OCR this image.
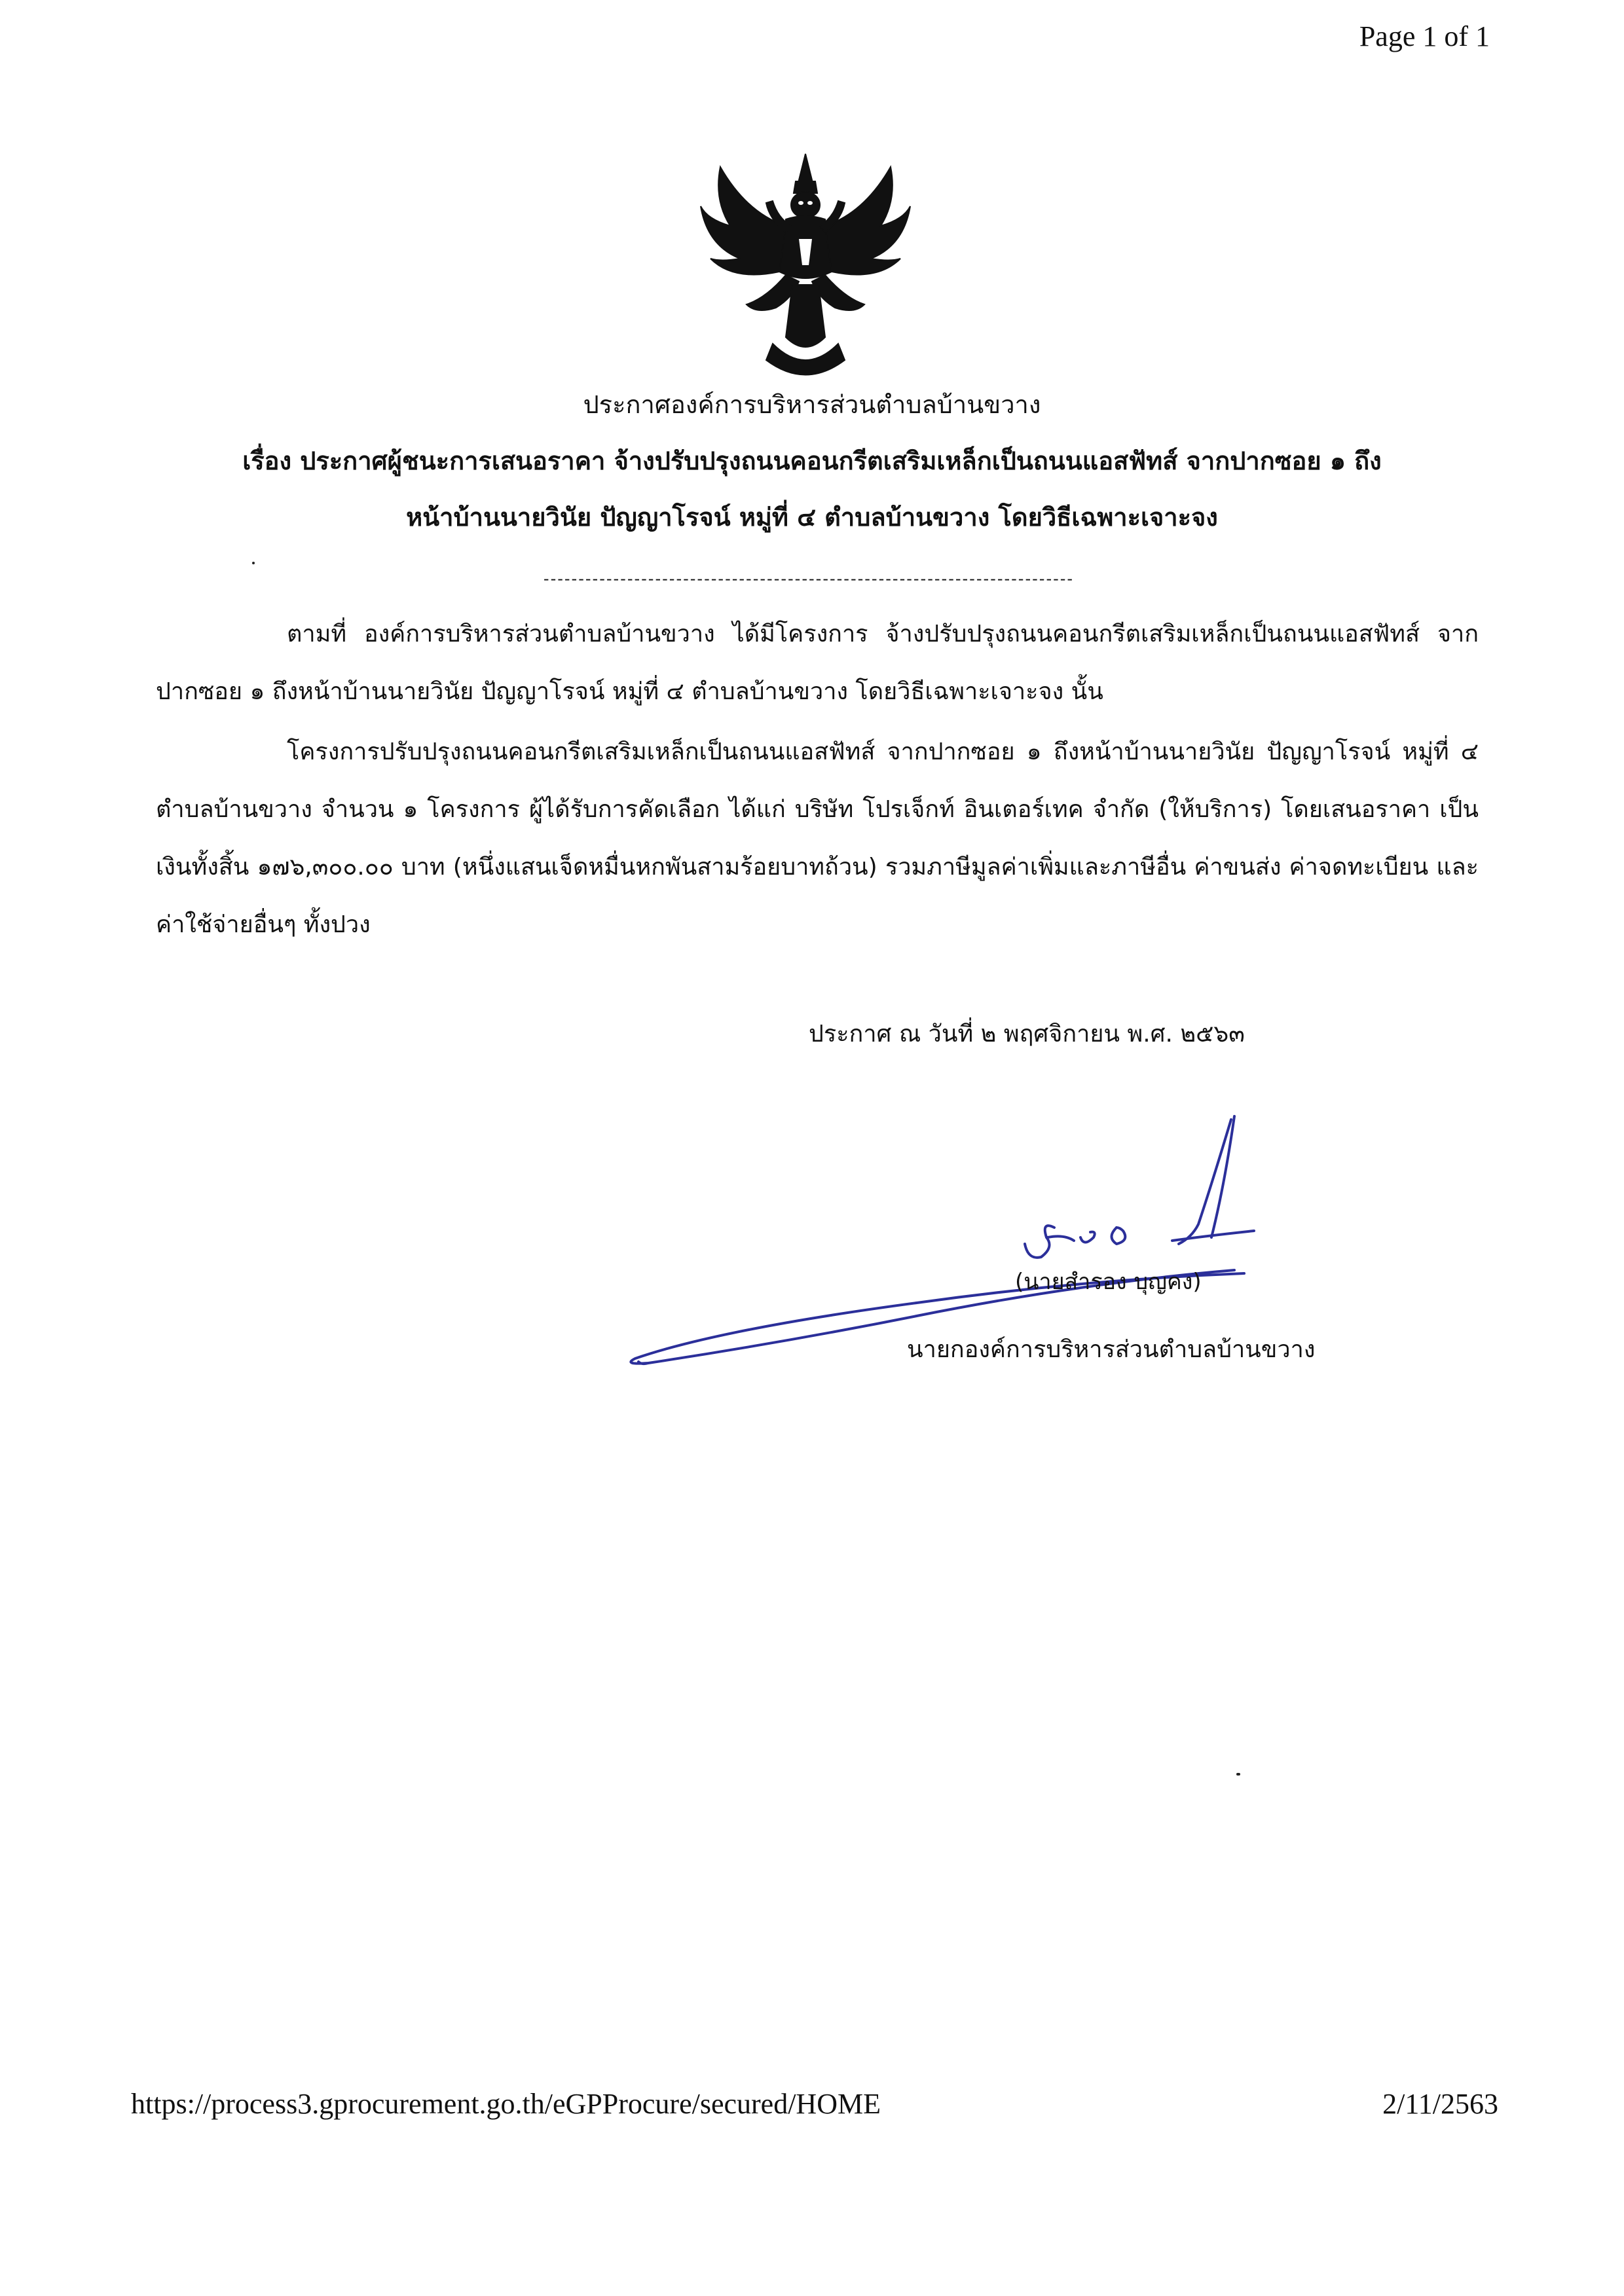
Page 1 of 1
ประกาศองค์การบริหารส่วนตำบลบ้านขวาง
เรื่อง ประกาศผู้ชนะการเสนอราคา จ้างปรับปรุงถนนคอนกรีตเสริมเหล็กเป็นถนนแอสฟัทส์ จากปากซอย ๑ ถึง
หน้าบ้านนายวินัย ปัญญาโรจน์ หมู่ที่ ๔ ตำบลบ้านขวาง โดยวิธีเฉพาะเจาะจง
----------------------------------------------------------------------------
ตามที่ องค์การบริหารส่วนตำบลบ้านขวาง ได้มีโครงการ จ้างปรับปรุงถนนคอนกรีตเสริมเหล็กเป็นถนนแอสฟัทส์ จากปากซอย ๑ ถึงหน้าบ้านนายวินัย ปัญญาโรจน์ หมู่ที่ ๔ ตำบลบ้านขวาง โดยวิธีเฉพาะเจาะจง นั้น
โครงการปรับปรุงถนนคอนกรีตเสริมเหล็กเป็นถนนแอสฟัทส์ จากปากซอย ๑ ถึงหน้าบ้านนายวินัย ปัญญาโรจน์ หมู่ที่ ๔ ตำบลบ้านขวาง จำนวน ๑ โครงการ ผู้ได้รับการคัดเลือก ได้แก่ บริษัท โปรเจ็กท์ อินเตอร์เทค จำกัด (ให้บริการ) โดยเสนอราคา เป็นเงินทั้งสิ้น ๑๗๖,๓๐๐.๐๐ บาท (หนึ่งแสนเจ็ดหมื่นหกพันสามร้อยบาทถ้วน) รวมภาษีมูลค่าเพิ่มและภาษีอื่น ค่าขนส่ง ค่าจดทะเบียน และค่าใช้จ่ายอื่นๆ ทั้งปวง
ประกาศ ณ วันที่ ๒ พฤศจิกายน พ.ศ. ๒๕๖๓
(นายสำรอง บุญคง)
นายกองค์การบริหารส่วนตำบลบ้านขวาง
https://process3.gprocurement.go.th/eGPProcure/secured/HOME	2/11/2563
